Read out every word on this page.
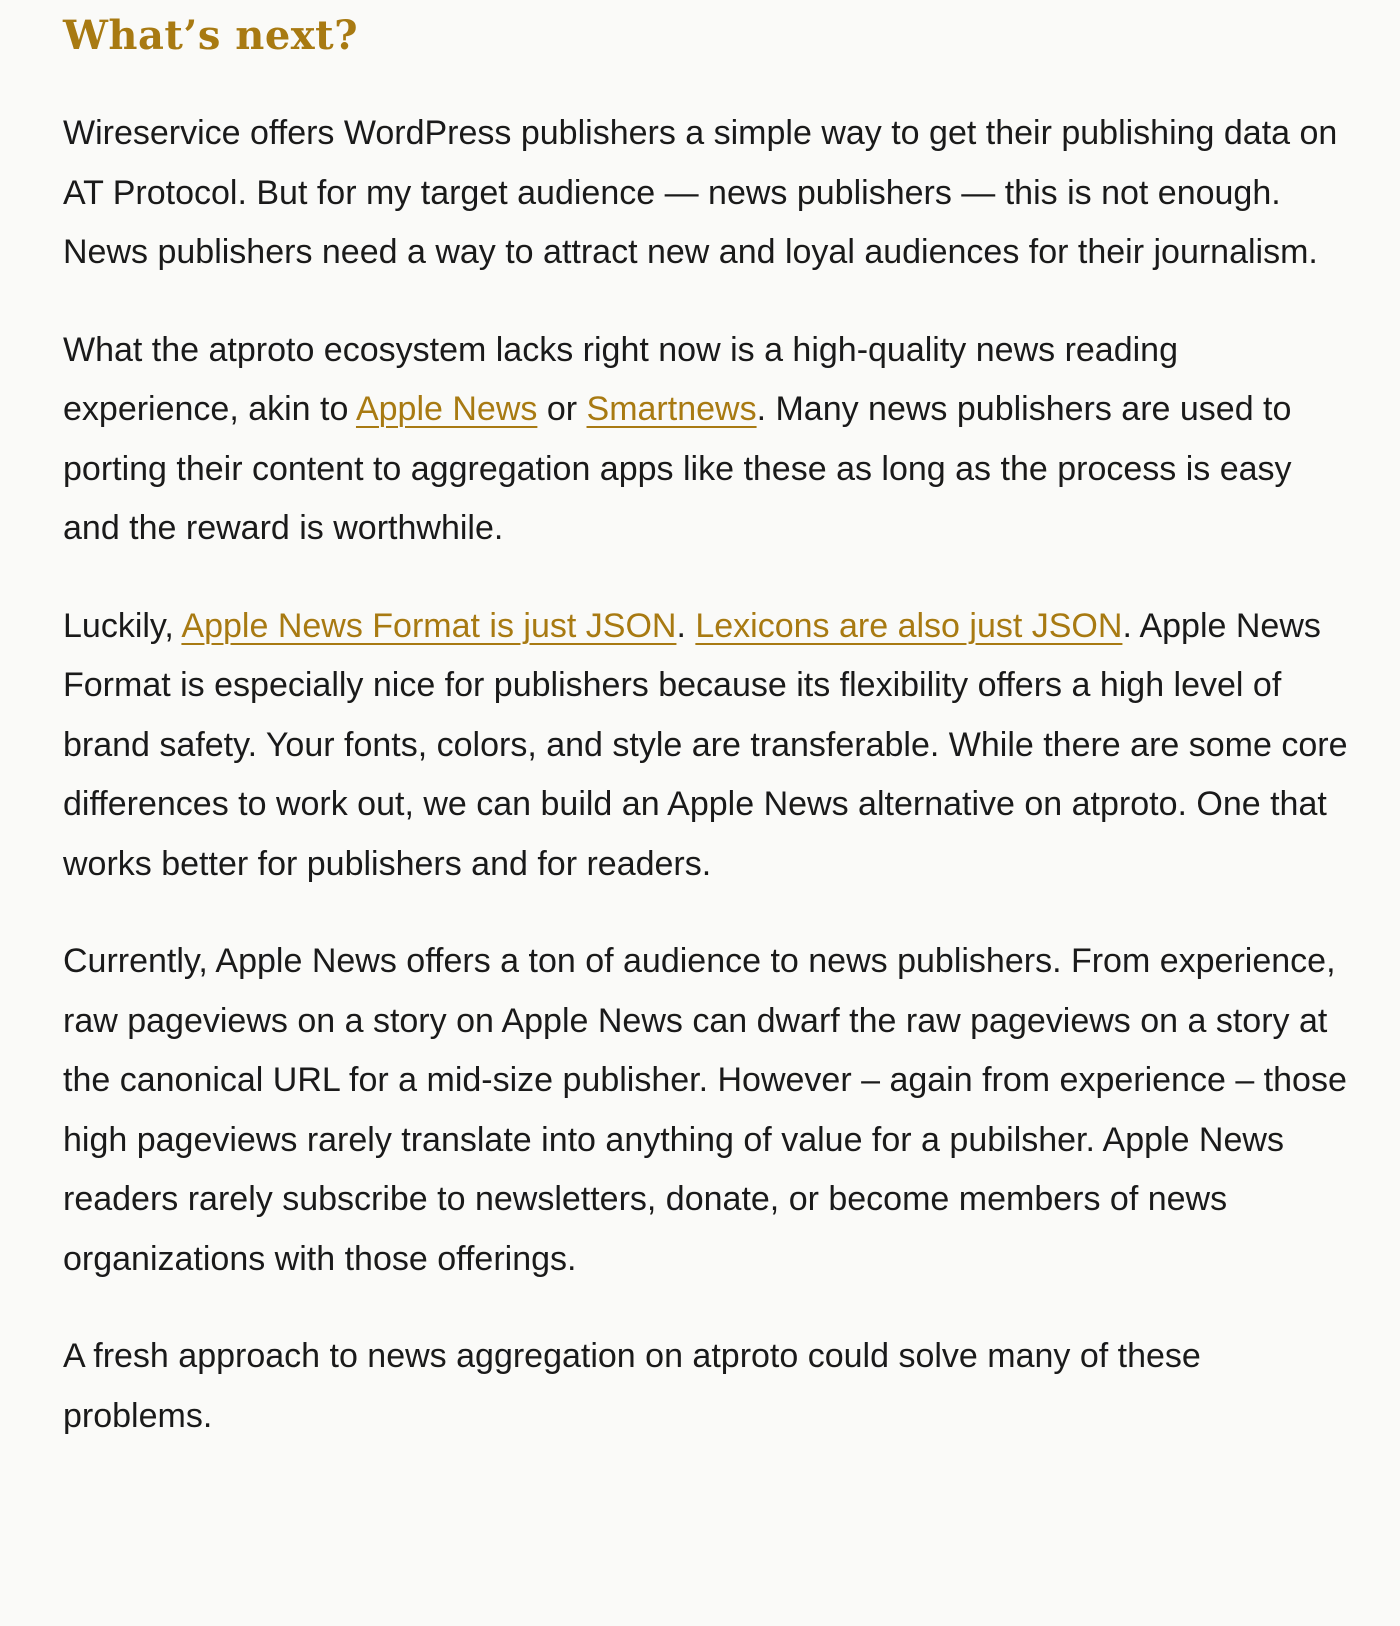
What’s next?

Wireservice offers WordPress publishers a simple way to get their publishing data on AT Protocol. But for my target audience — news publishers — this is not enough. News publishers need a way to attract new and loyal audiences for their journalism.

What the atproto ecosystem lacks right now is a high-quality news reading experience, akin to Apple News or Smartnews. Many news publishers are used to porting their content to aggregation apps like these as long as the process is easy and the reward is worthwhile.

Luckily, Apple News Format is just JSON. Lexicons are also just JSON. Apple News Format is especially nice for publishers because its flexibility offers a high level of brand safety. Your fonts, colors, and style are transferable. While there are some core differences to work out, we can build an Apple News alternative on atproto. One that works better for publishers and for readers.

Currently, Apple News offers a ton of audience to news publishers. From experience, raw pageviews on a story on Apple News can dwarf the raw pageviews on a story at the canonical URL for a mid-size publisher. However – again from experience – those high pageviews rarely translate into anything of value for a pubilsher. Apple News readers rarely subscribe to newsletters, donate, or become members of news organizations with those offerings.

A fresh approach to news aggregation on atproto could solve many of these problems.
